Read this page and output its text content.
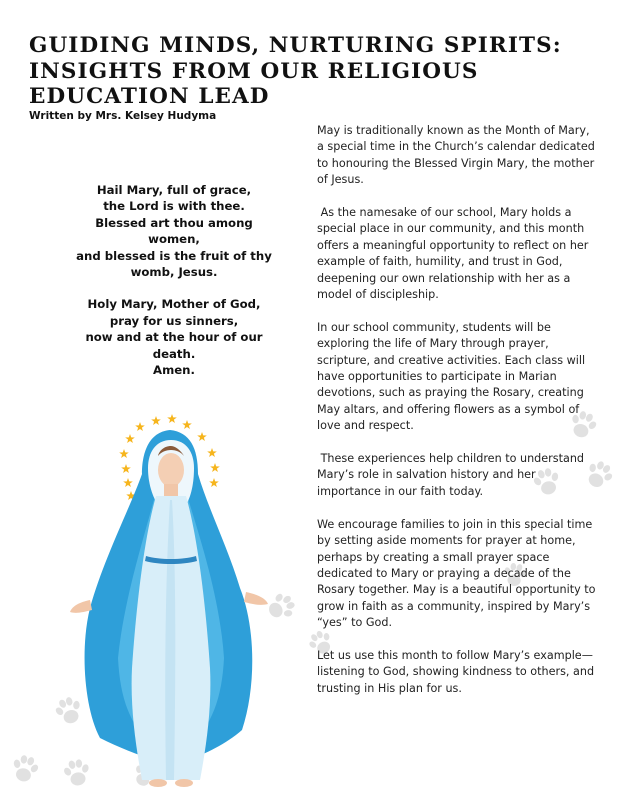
GUIDING MINDS, NURTURING SPIRITS: INSIGHTS FROM OUR RELIGIOUS EDUCATION LEAD

Written by Mrs. Kelsey Hudyma

Hail Mary, full of grace,
the Lord is with thee.
Blessed art thou among women,
and blessed is the fruit of thy womb, Jesus.

Holy Mary, Mother of God,
pray for us sinners,
now and at the hour of our death.
Amen.

May is traditionally known as the Month of Mary, a special time in the Church’s calendar dedicated to honouring the Blessed Virgin Mary, the mother of Jesus.

As the namesake of our school, Mary holds a special place in our community, and this month offers a meaningful opportunity to reflect on her example of faith, humility, and trust in God, deepening our own relationship with her as a model of discipleship.

In our school community, students will be exploring the life of Mary through prayer, scripture, and creative activities. Each class will have opportunities to participate in Marian devotions, such as praying the Rosary, creating May altars, and offering flowers as a symbol of love and respect.

These experiences help children to understand Mary’s role in salvation history and her importance in our faith today.

We encourage families to join in this special time by setting aside moments for prayer at home, perhaps by creating a small prayer space dedicated to Mary or praying a decade of the Rosary together. May is a beautiful opportunity to grow in faith as a community, inspired by Mary’s “yes” to God.

Let us use this month to follow Mary’s example—listening to God, showing kindness to others, and trusting in His plan for us.
